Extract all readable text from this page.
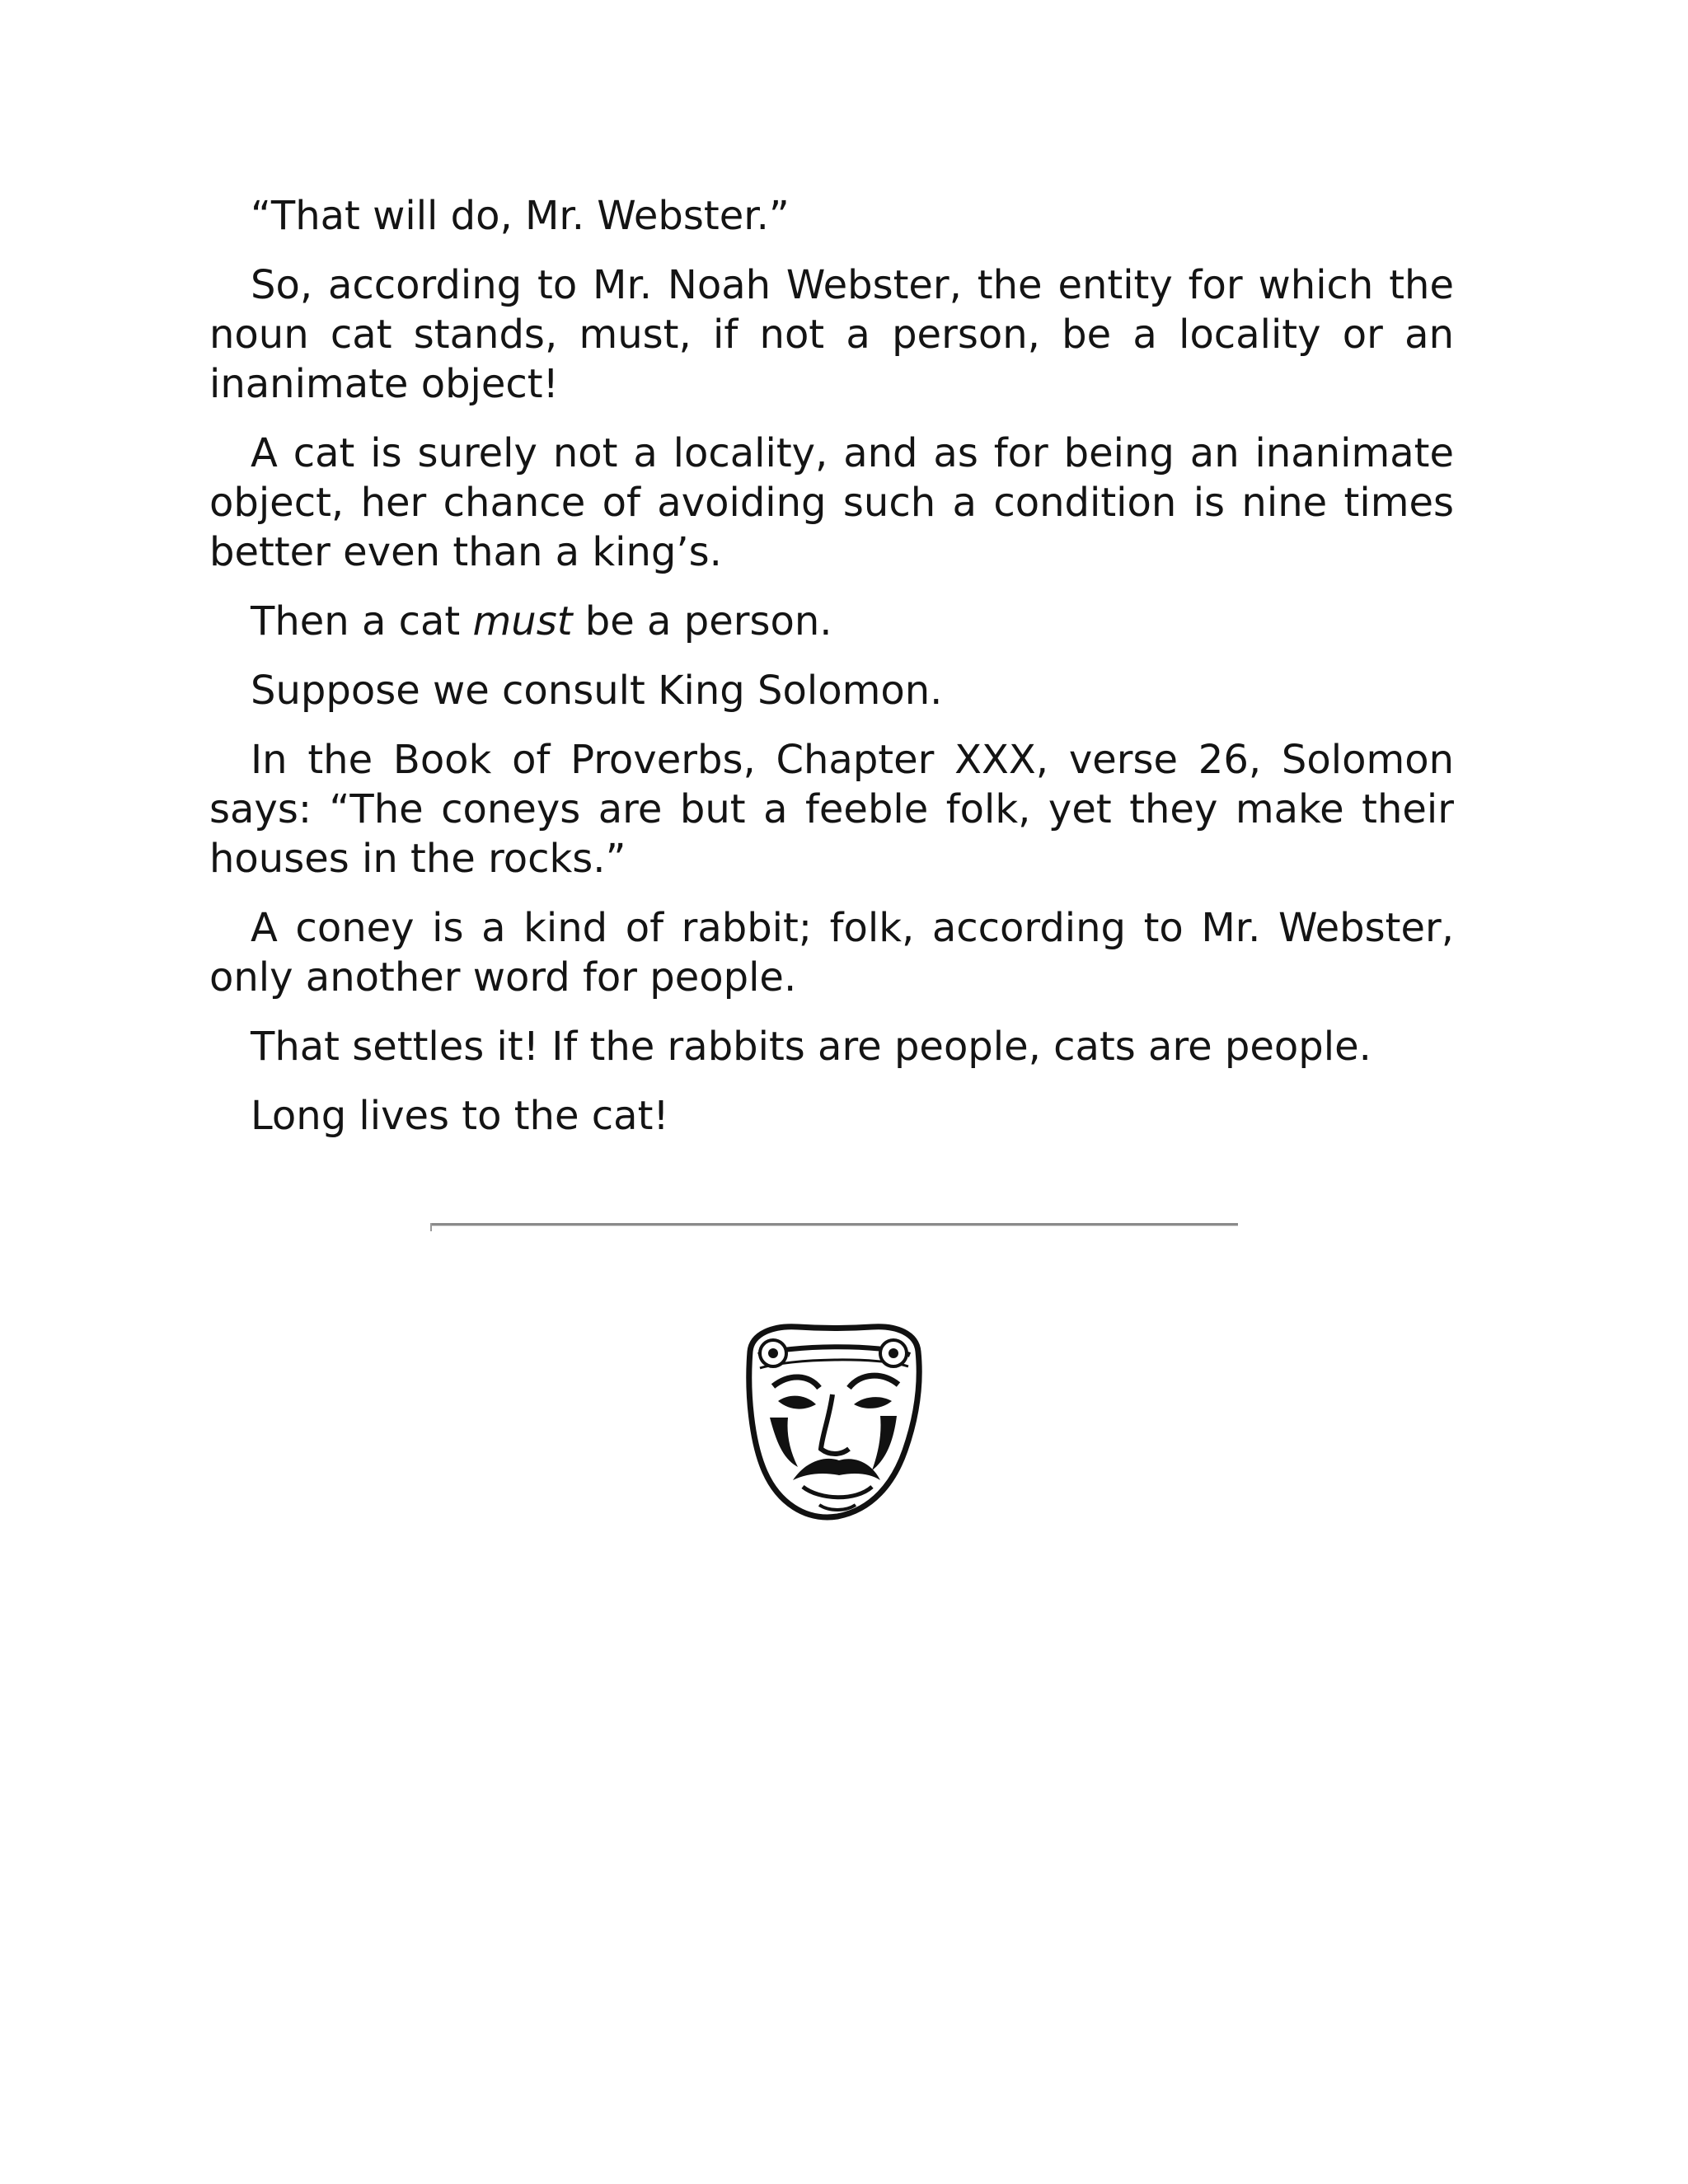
“That will do, Mr. Webster.”

So, according to Mr. Noah Webster, the entity for which the noun cat stands, must, if not a person, be a locality or an inanimate object!

A cat is surely not a locality, and as for being an inanimate object, her chance of avoiding such a condition is nine times better even than a king’s.

Then a cat must be a person.

Suppose we consult King Solomon.

In the Book of Proverbs, Chapter XXX, verse 26, Solomon says: “The coneys are but a feeble folk, yet they make their houses in the rocks.”

A coney is a kind of rabbit; folk, according to Mr. Webster, only another word for people.

That settles it! If the rabbits are people, cats are people.

Long lives to the cat!
